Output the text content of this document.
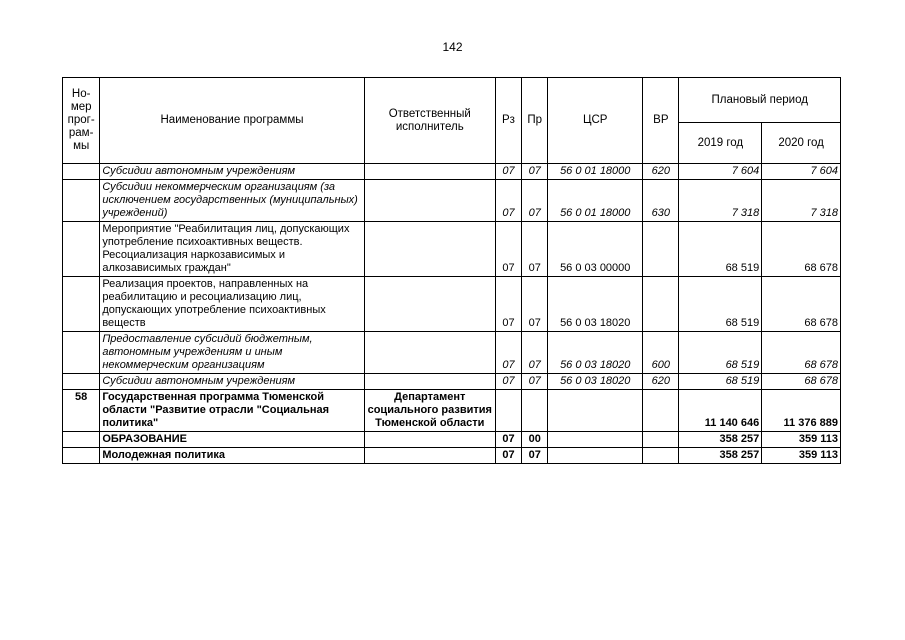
142
Но-
мер
прог-
рам-
мы	Наименование программы	Ответственный исполнитель	Рз	Пр	ЦСР	ВР	Плановый период	
							2019 год	2020 год
	Субсидии автономным учреждениям		07	07	56 0 01 18000	620	7 604	7 604
	Субсидии некоммерческим организациям (за исключением государственных (муниципальных) учреждений)		07	07	56 0 01 18000	630	7 318	7 318
	Мероприятие "Реабилитация лиц, допускающих употребление психоактивных веществ. Ресоциализация наркозависимых и алкозависимых граждан"		07	07	56 0 03 00000		68 519	68 678
	Реализация проектов, направленных на реабилитацию и ресоциализацию лиц, допускающих употребление психоактивных веществ		07	07	56 0 03 18020		68 519	68 678
	Предоставление субсидий бюджетным, автономным учреждениям и иным некоммерческим организациям		07	07	56 0 03 18020	600	68 519	68 678
	Субсидии автономным учреждениям		07	07	56 0 03 18020	620	68 519	68 678
58	Государственная программа Тюменской области "Развитие отрасли "Социальная политика"	Департамент социального развития Тюменской области					11 140 646	11 376 889
	ОБРАЗОВАНИЕ		07	00			358 257	359 113
	Молодежная политика		07	07			358 257	359 113
